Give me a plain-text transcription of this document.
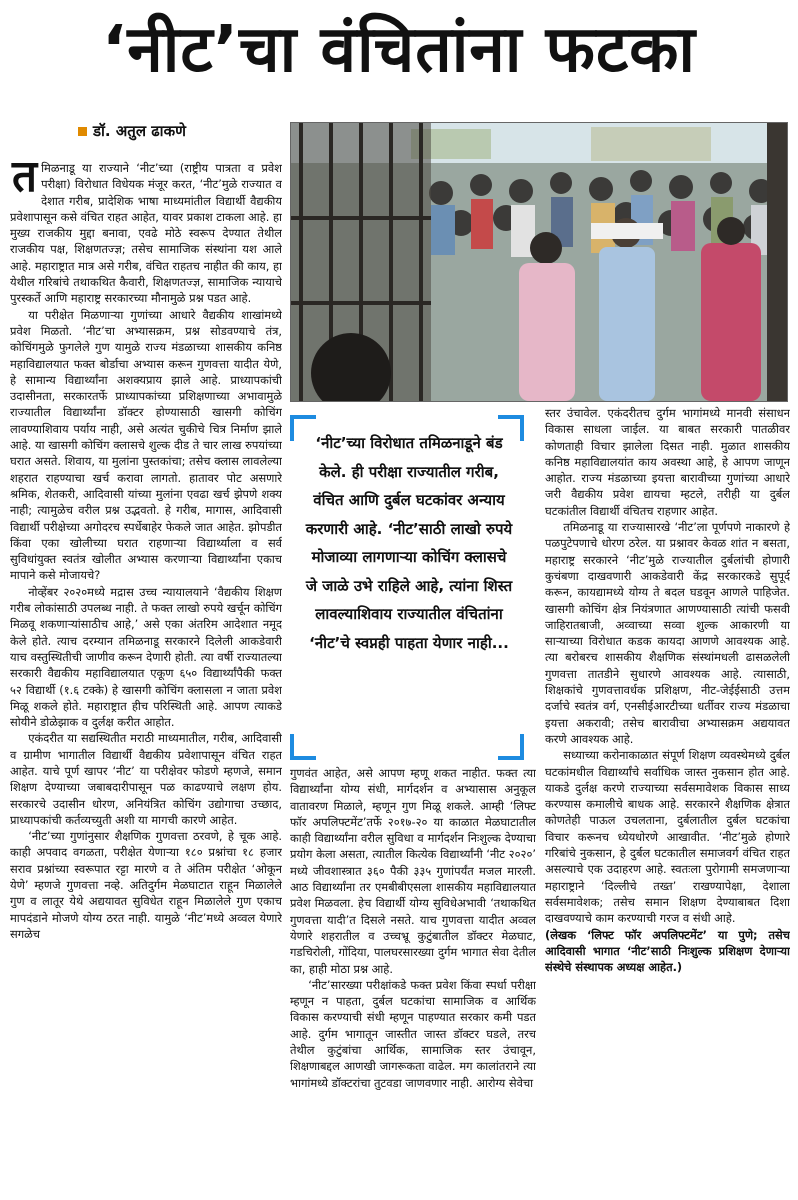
‘नीट’चा वंचितांना फटका
डॉ. अतुल ढाकणे

तमिळनाडू या राज्याने ‘नीट’च्या (राष्ट्रीय पात्रता व प्रवेश परीक्षा) विरोधात विधेयक मंजूर करत, ‘नीट’मुळे राज्यात व देशात गरीब, प्रादेशिक भाषा माध्यमांतील विद्यार्थी वैद्यकीय प्रवेशापासून कसे वंचित राहत आहेत, यावर प्रकाश टाकला आहे. हा मुख्य राजकीय मुद्दा बनावा, एवढे मोठे स्वरूप देण्यात तेथील राजकीय पक्ष, शिक्षणतज्ज्ञ; तसेच सामाजिक संस्थांना यश आले आहे. महाराष्ट्रात मात्र असे गरीब, वंचित राहतच नाहीत की काय, हा येथील गरिबांचे तथाकथित कैवारी, शिक्षणतज्ज्ञ, सामाजिक न्यायाचे पुरस्कर्ते आणि महाराष्ट्र सरकारच्या मौनामुळे प्रश्न पडत आहे.

या परीक्षेत मिळणाऱ्या गुणांच्या आधारे वैद्यकीय शाखांमध्ये प्रवेश मिळतो. ‘नीट’चा अभ्यासक्रम, प्रश्न सोडवण्याचे तंत्र, कोचिंगमुळे फुगलेले गुण यामुळे राज्य मंडळाच्या शासकीय कनिष्ठ महाविद्यालयात फक्त बोर्डाचा अभ्यास करून गुणवत्ता यादीत येणे, हे सामान्य विद्यार्थ्यांना अशक्यप्राय झाले आहे. प्राध्यापकांची उदासीनता, सरकारतर्फे प्राध्यापकांच्या प्रशिक्षणाच्या अभावामुळे राज्यातील विद्यार्थ्यांना डॉक्टर होण्यासाठी खासगी कोचिंग लावण्याशिवाय पर्याय नाही, असे अत्यंत चुकीचे चित्र निर्माण झाले आहे. या खासगी कोचिंग क्लासचे शुल्क दीड ते चार लाख रुपयांच्या घरात असते. शिवाय, या मुलांना पुस्तकांचा; तसेच क्लास लावलेल्या शहरात राहण्याचा खर्च करावा लागतो. हातावर पोट असणारे श्रमिक, शेतकरी, आदिवासी यांच्या मुलांना एवढा खर्च झेपणे शक्य नाही; त्यामुळेच वरील प्रश्न उद्भवतो. हे गरीब, मागास, आदिवासी विद्यार्थी परीक्षेच्या अगोदरच स्पर्धेबाहेर फेकले जात आहेत. झोपडीत किंवा एका खोलीच्या घरात राहणाऱ्या विद्यार्थ्याला व सर्व सुविधांयुक्त स्वतंत्र खोलीत अभ्यास करणाऱ्या विद्यार्थ्यांना एकाच मापाने कसे मोजायचे?

नोव्हेंबर २०२०मध्ये मद्रास उच्च न्यायालयाने ‘वैद्यकीय शिक्षण गरीब लोकांसाठी उपलब्ध नाही. ते फक्त लाखो रुपये खर्चून कोचिंग मिळवू शकणाऱ्यांसाठीच आहे,’ असे एका अंतरिम आदेशात नमूद केले होते. त्याच दरम्यान तमिळनाडू सरकारने दिलेली आकडेवारी याच वस्तुस्थितीची जाणीव करून देणारी होती. त्या वर्षी राज्यातल्या सरकारी वैद्यकीय महाविद्यालयात एकूण ६५० विद्यार्थ्यांपैकी फक्त ५२ विद्यार्थी (१.६ टक्के) हे खासगी कोचिंग क्लासला न जाता प्रवेश मिळू शकले होते. महाराष्ट्रात हीच परिस्थिती आहे. आपण त्याकडे सोयीने डोळेझाक व दुर्लक्ष करीत आहोत.

एकंदरीत या सद्यस्थितीत मराठी माध्यमातील, गरीब, आदिवासी व ग्रामीण भागातील विद्यार्थी वैद्यकीय प्रवेशापासून वंचित राहत आहेत. याचे पूर्ण खापर ‘नीट’ या परीक्षेवर फोडणे म्हणजे, समान शिक्षण देण्याच्या जबाबदारीपासून पळ काढण्याचे लक्षण होय. सरकारचे उदासीन धोरण, अनियंत्रित कोचिंग उद्योगाचा उच्छाद, प्राध्यापकांची कर्तव्यच्युती अशी या मागची कारणे आहेत.

‘नीट’च्या गुणांनुसार शैक्षणिक गुणवत्ता ठरवणे, हे चूक आहे. काही अपवाद वगळता, परीक्षेत येणाऱ्या १८० प्रश्नांचा १८ हजार सराव प्रश्नांच्या स्वरूपात रट्टा मारणे व ते अंतिम परीक्षेत ‘ओकून येणे’ म्हणजे गुणवत्ता नव्हे. अतिदुर्गम मेळघाटात राहून मिळालेले गुण व लातूर येथे अद्ययावत सुविधेत राहून मिळालेले गुण एकाच मापदंडाने मोजणे योग्य ठरत नाही. यामुळे ‘नीट’मध्ये अव्वल येणारे सगळेच

‘नीट’च्या विरोधात तमिळनाडूने बंड केले. ही परीक्षा राज्यातील गरीब, वंचित आणि दुर्बल घटकांवर अन्याय करणारी आहे. ‘नीट’साठी लाखो रुपये मोजाव्या लागणाऱ्या कोचिंग क्लासचे जे जाळे उभे राहिले आहे, त्यांना शिस्त लावल्याशिवाय राज्यातील वंचितांना ‘नीट’चे स्वप्नही पाहता येणार नाही...

गुणवंत आहेत, असे आपण म्हणू शकत नाहीत. फक्त त्या विद्यार्थ्यांना योग्य संधी, मार्गदर्शन व अभ्यासास अनुकूल वातावरण मिळाले, म्हणून गुण मिळू शकले. आम्ही ‘लिफ्ट फॉर अपलिफ्टमेंट’तर्फे २०१७-२० या काळात मेळघाटातील काही विद्यार्थ्यांना वरील सुविधा व मार्गदर्शन निःशुल्क देण्याचा प्रयोग केला असता, त्यातील कित्येक विद्यार्थ्यांनी ‘नीट २०२०’ मध्ये जीवशास्त्रात ३६० पैकी ३३५ गुणांपर्यंत मजल मारली. आठ विद्यार्थ्यांना तर एमबीबीएसला शासकीय महाविद्यालयात प्रवेश मिळवला. हेच विद्यार्थी योग्य सुविधेअभावी ‘तथाकथित गुणवत्ता यादी’त दिसले नसते. याच गुणवत्ता यादीत अव्वल येणारे शहरातील व उच्चभ्रू कुटुंबातील डॉक्टर मेळघाट, गडचिरोली, गोंदिया, पालघरसारख्या दुर्गम भागात सेवा देतील का, हाही मोठा प्रश्न आहे.

‘नीट’सारख्या परीक्षांकडे फक्त प्रवेश किंवा स्पर्धा परीक्षा म्हणून न पाहता, दुर्बल घटकांचा सामाजिक व आर्थिक विकास करण्याची संधी म्हणून पाहण्यात सरकार कमी पडत आहे. दुर्गम भागातून जास्तीत जास्त डॉक्टर घडले, तरच तेथील कुटुंबांचा आर्थिक, सामाजिक स्तर उंचावून, शिक्षणाबद्दल आणखी जागरूकता वाढेल. मग कालांतराने त्या भागांमध्ये डॉक्टरांचा तुटवडा जाणवणार नाही. आरोग्य सेवेचा

स्तर उंचावेल. एकंदरीतच दुर्गम भागांमध्ये मानवी संसाधन विकास साधला जाईल. या बाबत सरकारी पातळीवर कोणताही विचार झालेला दिसत नाही. मुळात शासकीय कनिष्ठ महाविद्यालयांत काय अवस्था आहे, हे आपण जाणून आहोत. राज्य मंडळाच्या इयत्ता बारावीच्या गुणांच्या आधारे जरी वैद्यकीय प्रवेश द्यायचा म्हटले, तरीही या दुर्बल घटकांतील विद्यार्थी वंचितच राहणार आहेत.

तमिळनाडू या राज्यासारखे ‘नीट’ला पूर्णपणे नाकारणे हे पळपुटेपणाचे धोरण ठरेल. या प्रश्नावर केवळ शांत न बसता, महाराष्ट्र सरकारने ‘नीट’मुळे राज्यातील दुर्बलांची होणारी कुचंबणा दाखवणारी आकडेवारी केंद्र सरकारकडे सुपूर्द करून, कायद्यामध्ये योग्य ते बदल घडवून आणले पाहिजेत. खासगी कोचिंग क्षेत्र नियंत्रणात आणण्यासाठी त्यांची फसवी जाहिरातबाजी, अव्वाच्या सव्वा शुल्क आकारणी या साऱ्याच्या विरोधात कडक कायदा आणणे आवश्यक आहे. त्या बरोबरच शासकीय शैक्षणिक संस्थांमधली ढासळलेली गुणवत्ता तातडीने सुधारणे आवश्यक आहे. त्यासाठी, शिक्षकांचे गुणवत्तावर्धक प्रशिक्षण, नीट-जेईईसाठी उत्तम दर्जाचे स्वतंत्र वर्ग, एनसीईआरटीच्या धर्तीवर राज्य मंडळाचा इयत्ता अकरावी; तसेच बारावीचा अभ्यासक्रम अद्ययावत करणे आवश्यक आहे.

सध्याच्या करोनाकाळात संपूर्ण शिक्षण व्यवस्थेमध्ये दुर्बल घटकांमधील विद्यार्थ्यांचे सर्वाधिक जास्त नुकसान होत आहे. याकडे दुर्लक्ष करणे राज्याच्या सर्वसमावेशक विकास साध्य करण्यास कमालीचे बाधक आहे. सरकारने शैक्षणिक क्षेत्रात कोणतेही पाऊल उचलताना, दुर्बलातील दुर्बल घटकांचा विचार करूनच ध्येयधोरणे आखावीत. ‘नीट’मुळे होणारे गरिबांचे नुकसान, हे दुर्बल घटकातील समाजवर्ग वंचित राहत असल्याचे एक उदाहरण आहे. स्वतःला पुरोगामी समजणाऱ्या महाराष्ट्राने ‘दिल्लीचे तख्त’ राखण्यापेक्षा, देशाला सर्वसमावेशक; तसेच समान शिक्षण देण्याबाबत दिशा दाखवण्याचे काम करण्याची गरज व संधी आहे.

(लेखक ‘लिफ्ट फॉर अपलिफ्टमेंट’ या पुणे; तसेच आदिवासी भागात ‘नीट’साठी निःशुल्क प्रशिक्षण देणाऱ्या संस्थेचे संस्थापक अध्यक्ष आहेत.)
